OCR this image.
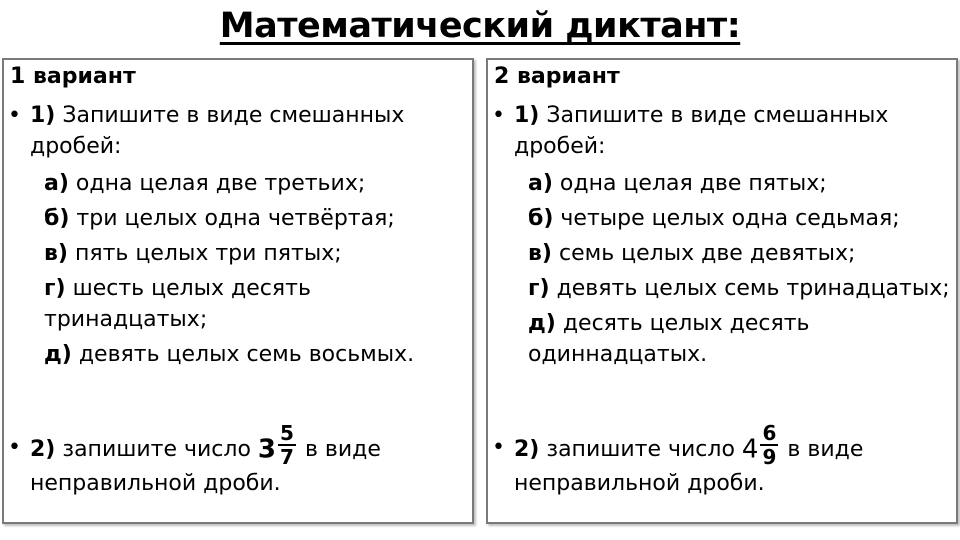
Математический диктант:
1 вариант
• 1) Запишите в виде смешанных дробей:
а) одна целая две третьих;
б) три целых одна четвёртая;
в) пять целых три пятых;
г) шесть целых десять тринадцатых;
д) девять целых семь восьмых.
• 2) запишите число $3 \frac{5}{7}$ в виде неправильной дроби.
2 вариант
• 1) Запишите в виде смешанных дробей:
а) одна целая две пятых;
б) четыре целых одна седьмая;
в) семь целых две девятых;
г) девять целых семь тринадцатых;
д) десять целых десять одиннадцатых.
• 2) запишите число $4 \frac{6}{9}$ в виде неправильной дроби.
